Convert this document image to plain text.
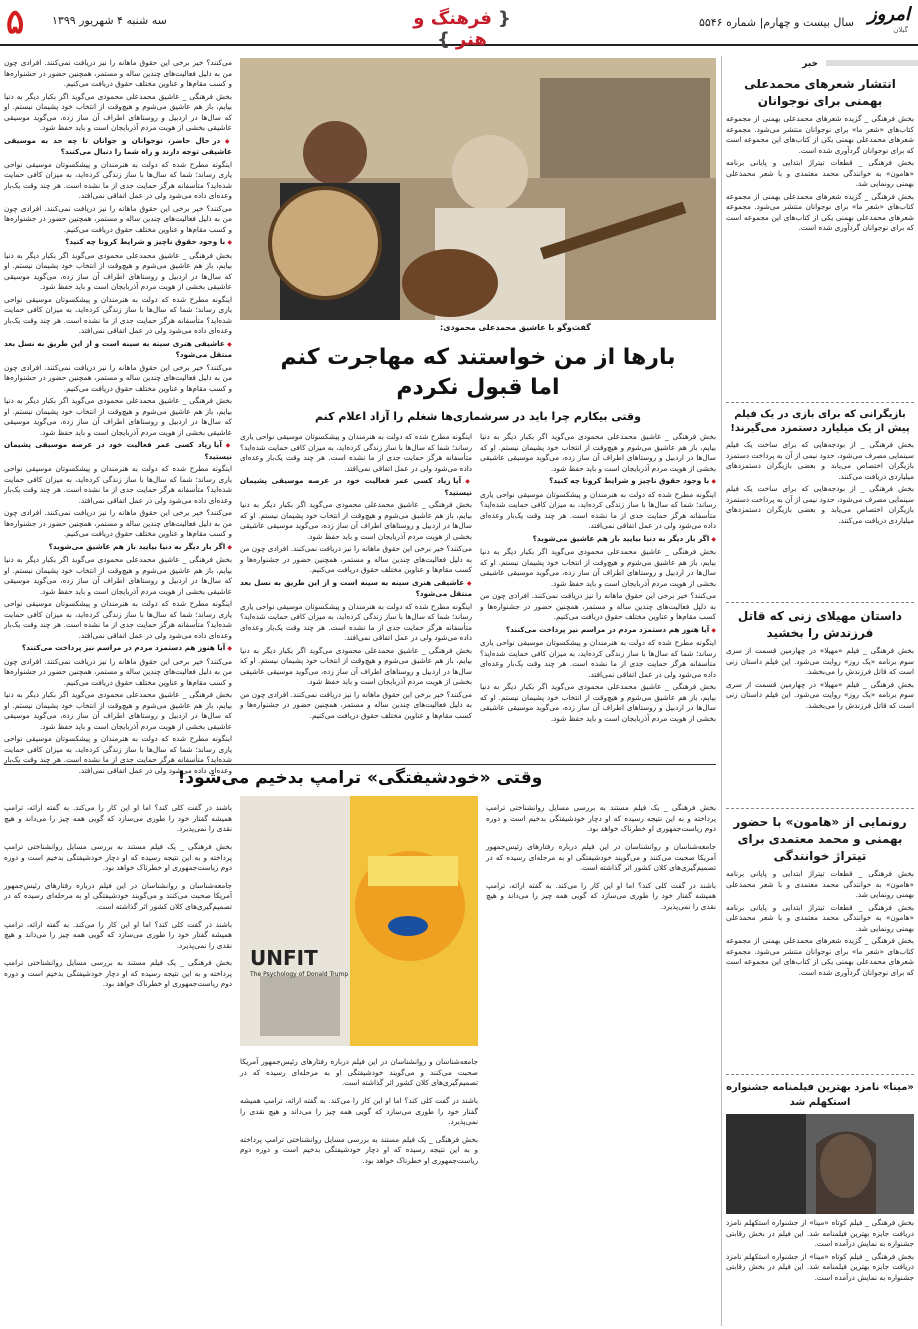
۵	سه شنبه ۴ شهریور ۱۳۹۹
{	فرهنگ و هنر }
سال بیست و چهارم| شماره ۵۵۴۶ امروز
گیلان
گفت‌وگو با عاشیق محمدعلی محمودی:
بارها از من خواستند که مهاجرت کنم
اما قبول نکردم
وقتی بیکارم چرا باید در سرشماری‌ها شغلم را آزاد اعلام کنم

بخش فرهنگی _ عاشیق محمدعلی محمودی می‌گوید اگر بکبار دیگر به دنیا بیایم، باز هم عاشیق می‌شوم و هیچ‌وقت از انتخاب خود پشیمان نیستم. او که سال‌ها در اردبیل و روستاهای اطراف آن ساز زده، می‌گوید موسیقی عاشیقی بخشی از هویت مردم آذربایجان است و باید حفظ شود.

◆ با وجود حقوق ناچیز و شرایط کرونا چه کنید؟

اینگونه مطرح شده که دولت به هنرمندان و پیشکسوتان موسیقی نواحی یاری رساند؛ شما که سال‌ها با ساز زندگی کرده‌اید، به میزان کافی حمایت شده‌اید؟ متأسفانه هرگز حمایت جدی از ما نشده است. هر چند وقت یک‌بار وعده‌ای داده می‌شود ولی در عمل اتفاقی نمی‌افتد.

◆ اگر بار دیگر به دنیا بیایید باز هم عاشیق می‌شوید؟

بخش فرهنگی _ عاشیق محمدعلی محمودی می‌گوید اگر بکبار دیگر به دنیا بیایم، باز هم عاشیق می‌شوم و هیچ‌وقت از انتخاب خود پشیمان نیستم. او که سال‌ها در اردبیل و روستاهای اطراف آن ساز زده، می‌گوید موسیقی عاشیقی بخشی از هویت مردم آذربایجان است و باید حفظ شود.

می‌کنند؟ خیر برخی این حقوق ماهانه را نیز دریافت نمی‌کنند. افرادی چون من به دلیل فعالیت‌های چندین ساله و مستمر، همچنین حضور در جشنواره‌ها و کسب مقام‌ها و عناوین مختلف حقوق دریافت می‌کنیم.

◆ آیا هنوز هم دستمزد مردم در مراسم نیز پرداخت می‌کنند؟

اینگونه مطرح شده که دولت به هنرمندان و پیشکسوتان موسیقی نواحی یاری رساند؛ شما که سال‌ها با ساز زندگی کرده‌اید، به میزان کافی حمایت شده‌اید؟ متأسفانه هرگز حمایت جدی از ما نشده است. هر چند وقت یک‌بار وعده‌ای داده می‌شود ولی در عمل اتفاقی نمی‌افتد.

بخش فرهنگی _ عاشیق محمدعلی محمودی می‌گوید اگر بکبار دیگر به دنیا بیایم، باز هم عاشیق می‌شوم و هیچ‌وقت از انتخاب خود پشیمان نیستم. او که سال‌ها در اردبیل و روستاهای اطراف آن ساز زده، می‌گوید موسیقی عاشیقی بخشی از هویت مردم آذربایجان است و باید حفظ شود.

اینگونه مطرح شده که دولت به هنرمندان و پیشکسوتان موسیقی نواحی یاری رساند؛ شما که سال‌ها با ساز زندگی کرده‌اید، به میزان کافی حمایت شده‌اید؟ متأسفانه هرگز حمایت جدی از ما نشده است. هر چند وقت یک‌بار وعده‌ای داده می‌شود ولی در عمل اتفاقی نمی‌افتد.

◆ آیا زیاد کسی عمر فعالیت خود در عرصه موسیقی پشیمان نیستید؟

بخش فرهنگی _ عاشیق محمدعلی محمودی می‌گوید اگر بکبار دیگر به دنیا بیایم، باز هم عاشیق می‌شوم و هیچ‌وقت از انتخاب خود پشیمان نیستم. او که سال‌ها در اردبیل و روستاهای اطراف آن ساز زده، می‌گوید موسیقی عاشیقی بخشی از هویت مردم آذربایجان است و باید حفظ شود.

می‌کنند؟ خیر برخی این حقوق ماهانه را نیز دریافت نمی‌کنند. افرادی چون من به دلیل فعالیت‌های چندین ساله و مستمر، همچنین حضور در جشنواره‌ها و کسب مقام‌ها و عناوین مختلف حقوق دریافت می‌کنیم.

◆ عاشیقی هنری سینه به سینه است و از این طریق به نسل بعد منتقل می‌شود؟

اینگونه مطرح شده که دولت به هنرمندان و پیشکسوتان موسیقی نواحی یاری رساند؛ شما که سال‌ها با ساز زندگی کرده‌اید، به میزان کافی حمایت شده‌اید؟ متأسفانه هرگز حمایت جدی از ما نشده است. هر چند وقت یک‌بار وعده‌ای داده می‌شود ولی در عمل اتفاقی نمی‌افتد.

بخش فرهنگی _ عاشیق محمدعلی محمودی می‌گوید اگر بکبار دیگر به دنیا بیایم، باز هم عاشیق می‌شوم و هیچ‌وقت از انتخاب خود پشیمان نیستم. او که سال‌ها در اردبیل و روستاهای اطراف آن ساز زده، می‌گوید موسیقی عاشیقی بخشی از هویت مردم آذربایجان است و باید حفظ شود.

می‌کنند؟ خیر برخی این حقوق ماهانه را نیز دریافت نمی‌کنند. افرادی چون من به دلیل فعالیت‌های چندین ساله و مستمر، همچنین حضور در جشنواره‌ها و کسب مقام‌ها و عناوین مختلف حقوق دریافت می‌کنیم.

می‌کنند؟ خیر برخی این حقوق ماهانه را نیز دریافت نمی‌کنند. افرادی چون من به دلیل فعالیت‌های چندین ساله و مستمر، همچنین حضور در جشنواره‌ها و کسب مقام‌ها و عناوین مختلف حقوق دریافت می‌کنیم.

بخش فرهنگی _ عاشیق محمدعلی محمودی می‌گوید اگر بکبار دیگر به دنیا بیایم، باز هم عاشیق می‌شوم و هیچ‌وقت از انتخاب خود پشیمان نیستم. او که سال‌ها در اردبیل و روستاهای اطراف آن ساز زده، می‌گوید موسیقی عاشیقی بخشی از هویت مردم آذربایجان است و باید حفظ شود.

◆ در حال حاضر، نوجوانان و جوانان تا چه حد به موسیقی عاشیقی توجه دارند و راه شما را دنبال می‌کنند؟

اینگونه مطرح شده که دولت به هنرمندان و پیشکسوتان موسیقی نواحی یاری رساند؛ شما که سال‌ها با ساز زندگی کرده‌اید، به میزان کافی حمایت شده‌اید؟ متأسفانه هرگز حمایت جدی از ما نشده است. هر چند وقت یک‌بار وعده‌ای داده می‌شود ولی در عمل اتفاقی نمی‌افتد.

می‌کنند؟ خیر برخی این حقوق ماهانه را نیز دریافت نمی‌کنند. افرادی چون من به دلیل فعالیت‌های چندین ساله و مستمر، همچنین حضور در جشنواره‌ها و کسب مقام‌ها و عناوین مختلف حقوق دریافت می‌کنیم.

◆ با وجود حقوق ناچیز و شرایط کرونا چه کنید؟

بخش فرهنگی _ عاشیق محمدعلی محمودی می‌گوید اگر بکبار دیگر به دنیا بیایم، باز هم عاشیق می‌شوم و هیچ‌وقت از انتخاب خود پشیمان نیستم. او که سال‌ها در اردبیل و روستاهای اطراف آن ساز زده، می‌گوید موسیقی عاشیقی بخشی از هویت مردم آذربایجان است و باید حفظ شود.

اینگونه مطرح شده که دولت به هنرمندان و پیشکسوتان موسیقی نواحی یاری رساند؛ شما که سال‌ها با ساز زندگی کرده‌اید، به میزان کافی حمایت شده‌اید؟ متأسفانه هرگز حمایت جدی از ما نشده است. هر چند وقت یک‌بار وعده‌ای داده می‌شود ولی در عمل اتفاقی نمی‌افتد.

◆ عاشیقی هنری سینه به سینه است و از این طریق به نسل بعد منتقل می‌شود؟

می‌کنند؟ خیر برخی این حقوق ماهانه را نیز دریافت نمی‌کنند. افرادی چون من به دلیل فعالیت‌های چندین ساله و مستمر، همچنین حضور در جشنواره‌ها و کسب مقام‌ها و عناوین مختلف حقوق دریافت می‌کنیم.

بخش فرهنگی _ عاشیق محمدعلی محمودی می‌گوید اگر بکبار دیگر به دنیا بیایم، باز هم عاشیق می‌شوم و هیچ‌وقت از انتخاب خود پشیمان نیستم. او که سال‌ها در اردبیل و روستاهای اطراف آن ساز زده، می‌گوید موسیقی عاشیقی بخشی از هویت مردم آذربایجان است و باید حفظ شود.

◆ آیا زیاد کسی عمر فعالیت خود در عرصه موسیقی پشیمان نیستید؟

اینگونه مطرح شده که دولت به هنرمندان و پیشکسوتان موسیقی نواحی یاری رساند؛ شما که سال‌ها با ساز زندگی کرده‌اید، به میزان کافی حمایت شده‌اید؟ متأسفانه هرگز حمایت جدی از ما نشده است. هر چند وقت یک‌بار وعده‌ای داده می‌شود ولی در عمل اتفاقی نمی‌افتد.

می‌کنند؟ خیر برخی این حقوق ماهانه را نیز دریافت نمی‌کنند. افرادی چون من به دلیل فعالیت‌های چندین ساله و مستمر، همچنین حضور در جشنواره‌ها و کسب مقام‌ها و عناوین مختلف حقوق دریافت می‌کنیم.

◆ اگر بار دیگر به دنیا بیایید باز هم عاشیق می‌شوید؟

بخش فرهنگی _ عاشیق محمدعلی محمودی می‌گوید اگر بکبار دیگر به دنیا بیایم، باز هم عاشیق می‌شوم و هیچ‌وقت از انتخاب خود پشیمان نیستم. او که سال‌ها در اردبیل و روستاهای اطراف آن ساز زده، می‌گوید موسیقی عاشیقی بخشی از هویت مردم آذربایجان است و باید حفظ شود.

اینگونه مطرح شده که دولت به هنرمندان و پیشکسوتان موسیقی نواحی یاری رساند؛ شما که سال‌ها با ساز زندگی کرده‌اید، به میزان کافی حمایت شده‌اید؟ متأسفانه هرگز حمایت جدی از ما نشده است. هر چند وقت یک‌بار وعده‌ای داده می‌شود ولی در عمل اتفاقی نمی‌افتد.

◆ آیا هنوز هم دستمزد مردم در مراسم نیز پرداخت می‌کنند؟

می‌کنند؟ خیر برخی این حقوق ماهانه را نیز دریافت نمی‌کنند. افرادی چون من به دلیل فعالیت‌های چندین ساله و مستمر، همچنین حضور در جشنواره‌ها و کسب مقام‌ها و عناوین مختلف حقوق دریافت می‌کنیم.

بخش فرهنگی _ عاشیق محمدعلی محمودی می‌گوید اگر بکبار دیگر به دنیا بیایم، باز هم عاشیق می‌شوم و هیچ‌وقت از انتخاب خود پشیمان نیستم. او که سال‌ها در اردبیل و روستاهای اطراف آن ساز زده، می‌گوید موسیقی عاشیقی بخشی از هویت مردم آذربایجان است و باید حفظ شود.

اینگونه مطرح شده که دولت به هنرمندان و پیشکسوتان موسیقی نواحی یاری رساند؛ شما که سال‌ها با ساز زندگی کرده‌اید، به میزان کافی حمایت شده‌اید؟ متأسفانه هرگز حمایت جدی از ما نشده است. هر چند وقت یک‌بار وعده‌ای داده می‌شود ولی در عمل اتفاقی نمی‌افتد.

وقتی «خودشیفتگی» ترامپ بدخیم می‌شود!

بخش فرهنگی _ یک فیلم مستند به بررسی مسایل روانشناختی ترامپ پرداخته و به این نتیجه رسیده که او دچار خودشیفتگی بدخیم است و دوره دوم ریاست‌جمهوری او خطرناک خواهد بود.

جامعه‌شناسان و روانشناسان در این فیلم درباره رفتارهای رئیس‌جمهور آمریکا صحبت می‌کنند و می‌گویند خودشیفتگی او به مرحله‌ای رسیده که در تصمیم‌گیری‌های کلان کشور اثر گذاشته است.

باشند در گفت کلی کند؟ اما او این کار را می‌کند. به گفته ارائه، ترامپ همیشه گفتار خود را طوری می‌سازد که گویی همه چیز را می‌داند و هیچ نقدی را نمی‌پذیرد.

UNFIT
The Psychology of Donald Trump

جامعه‌شناسان و روانشناسان در این فیلم درباره رفتارهای رئیس‌جمهور آمریکا صحبت می‌کنند و می‌گویند خودشیفتگی او به مرحله‌ای رسیده که در تصمیم‌گیری‌های کلان کشور اثر گذاشته است.

باشند در گفت کلی کند؟ اما او این کار را می‌کند. به گفته ارائه، ترامپ همیشه گفتار خود را طوری می‌سازد که گویی همه چیز را می‌داند و هیچ نقدی را نمی‌پذیرد.

بخش فرهنگی _ یک فیلم مستند به بررسی مسایل روانشناختی ترامپ پرداخته و به این نتیجه رسیده که او دچار خودشیفتگی بدخیم است و دوره دوم ریاست‌جمهوری او خطرناک خواهد بود.

باشند در گفت کلی کند؟ اما او این کار را می‌کند. به گفته ارائه، ترامپ همیشه گفتار خود را طوری می‌سازد که گویی همه چیز را می‌داند و هیچ نقدی را نمی‌پذیرد.

بخش فرهنگی _ یک فیلم مستند به بررسی مسایل روانشناختی ترامپ پرداخته و به این نتیجه رسیده که او دچار خودشیفتگی بدخیم است و دوره دوم ریاست‌جمهوری او خطرناک خواهد بود.

جامعه‌شناسان و روانشناسان در این فیلم درباره رفتارهای رئیس‌جمهور آمریکا صحبت می‌کنند و می‌گویند خودشیفتگی او به مرحله‌ای رسیده که در تصمیم‌گیری‌های کلان کشور اثر گذاشته است.

باشند در گفت کلی کند؟ اما او این کار را می‌کند. به گفته ارائه، ترامپ همیشه گفتار خود را طوری می‌سازد که گویی همه چیز را می‌داند و هیچ نقدی را نمی‌پذیرد.

بخش فرهنگی _ یک فیلم مستند به بررسی مسایل روانشناختی ترامپ پرداخته و به این نتیجه رسیده که او دچار خودشیفتگی بدخیم است و دوره دوم ریاست‌جمهوری او خطرناک خواهد بود.

خبر
انتشار شعرهای محمدعلی بهمنی برای نوجوانان

بخش فرهنگی _ گزیده شعرهای محمدعلی بهمنی از مجموعه کتاب‌های «شعر ما» برای نوجوانان منتشر می‌شود. مجموعه شعرهای محمدعلی بهمنی یکی از کتاب‌های این مجموعه است که برای نوجوانان گردآوری شده است.

بخش فرهنگی _ قطعات تیتراژ ابتدایی و پایانی برنامه «هامون» به خوانندگی محمد معتمدی و با شعر محمدعلی بهمنی رونمایی شد.

بخش فرهنگی _ گزیده شعرهای محمدعلی بهمنی از مجموعه کتاب‌های «شعر ما» برای نوجوانان منتشر می‌شود. مجموعه شعرهای محمدعلی بهمنی یکی از کتاب‌های این مجموعه است که برای نوجوانان گردآوری شده است.

بازیگرانی که برای بازی در یک فیلم پیش از یک میلیارد دستمزد می‌گیرند!

بخش فرهنگی _ از بودجه‌هایی که برای ساخت یک فیلم سینمایی مصرف می‌شود، حدود نیمی از آن به پرداخت دستمزد بازیگران اختصاص می‌یابد و بعضی بازیگران دستمزدهای میلیاردی دریافت می‌کنند.

بخش فرهنگی _ از بودجه‌هایی که برای ساخت یک فیلم سینمایی مصرف می‌شود، حدود نیمی از آن به پرداخت دستمزد بازیگران اختصاص می‌یابد و بعضی بازیگران دستمزدهای میلیاردی دریافت می‌کنند.

داستان مهیلای زنی که قاتل فرزندش را بخشید

بخش فرهنگی _ فیلم «مهیلا» در چهارمین قسمت از سری سوم برنامه «یک روز» روایت می‌شود. این فیلم داستان زنی است که قاتل فرزندش را می‌بخشد.

بخش فرهنگی _ فیلم «مهیلا» در چهارمین قسمت از سری سوم برنامه «یک روز» روایت می‌شود. این فیلم داستان زنی است که قاتل فرزندش را می‌بخشد.

رونمایی از «هامون» با حضور بهمنی و محمد معتمدی برای تیتراژ خوانندگی

بخش فرهنگی _ قطعات تیتراژ ابتدایی و پایانی برنامه «هامون» به خوانندگی محمد معتمدی و با شعر محمدعلی بهمنی رونمایی شد.

بخش فرهنگی _ قطعات تیتراژ ابتدایی و پایانی برنامه «هامون» به خوانندگی محمد معتمدی و با شعر محمدعلی بهمنی رونمایی شد.

بخش فرهنگی _ گزیده شعرهای محمدعلی بهمنی از مجموعه کتاب‌های «شعر ما» برای نوجوانان منتشر می‌شود. مجموعه شعرهای محمدعلی بهمنی یکی از کتاب‌های این مجموعه است که برای نوجوانان گردآوری شده است.

«مینا» نامزد بهترین فیلمنامه جشنواره استکهلم شد

بخش فرهنگی _ فیلم کوتاه «مینا» از جشنواره استکهلم نامزد دریافت جایزه بهترین فیلمنامه شد. این فیلم در بخش رقابتی جشنواره به نمایش درآمده است.

بخش فرهنگی _ فیلم کوتاه «مینا» از جشنواره استکهلم نامزد دریافت جایزه بهترین فیلمنامه شد. این فیلم در بخش رقابتی جشنواره به نمایش درآمده است.
